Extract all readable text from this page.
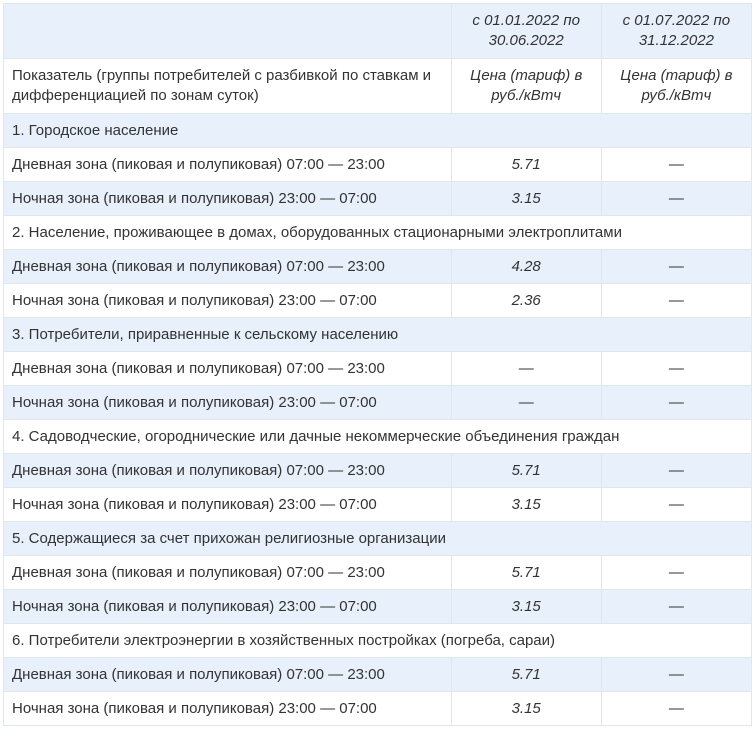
	с 01.01.2022 по 30.06.2022	с 01.07.2022 по 31.12.2022
Показатель (группы потребителей с разбивкой по ставкам и дифференциацией по зонам суток)	Цена (тариф) в руб./кВтч	Цена (тариф) в руб./кВтч
1. Городское население		
Дневная зона (пиковая и полупиковая) 07:00 — 23:00	5.71	—
Ночная зона (пиковая и полупиковая) 23:00 — 07:00	3.15	—
2. Население, проживающее в домах, оборудованных стационарными электроплитами		
Дневная зона (пиковая и полупиковая) 07:00 — 23:00	4.28	—
Ночная зона (пиковая и полупиковая) 23:00 — 07:00	2.36	—
3. Потребители, приравненные к сельскому населению		
Дневная зона (пиковая и полупиковая) 07:00 — 23:00	—	—
Ночная зона (пиковая и полупиковая) 23:00 — 07:00	—	—
4. Садоводческие, огороднические или дачные некоммерческие объединения граждан		
Дневная зона (пиковая и полупиковая) 07:00 — 23:00	5.71	—
Ночная зона (пиковая и полупиковая) 23:00 — 07:00	3.15	—
5. Содержащиеся за счет прихожан религиозные организации		
Дневная зона (пиковая и полупиковая) 07:00 — 23:00	5.71	—
Ночная зона (пиковая и полупиковая) 23:00 — 07:00	3.15	—
6. Потребители электроэнергии в хозяйственных постройках (погреба, сараи)		
Дневная зона (пиковая и полупиковая) 07:00 — 23:00	5.71	—
Ночная зона (пиковая и полупиковая) 23:00 — 07:00	3.15	—
